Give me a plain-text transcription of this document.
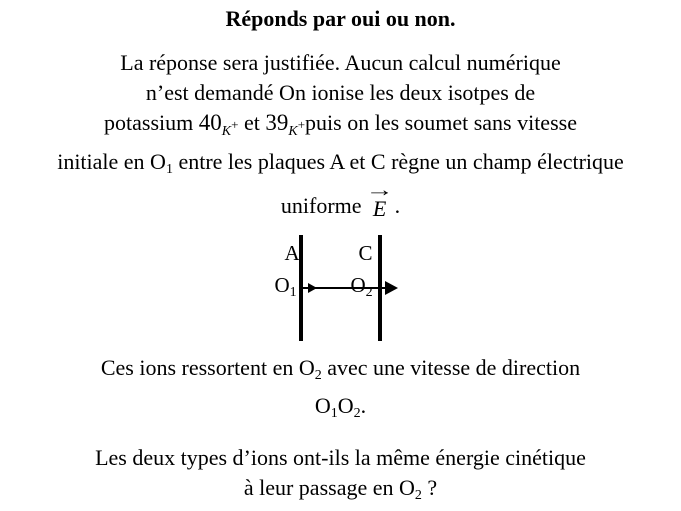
Réponds par oui ou non.
La réponse sera justifiée. Aucun calcul numérique
n’est demandé On ionise les deux isotpes de
potassium $40_K+$ et $39_K+puis$ on les soumet sans vitesse
initiale en O1 entre les plaques A et C règne un champ électrique
uniforme
→
E .
A	C
O1	O2
Ces ions ressortent en O2 avec une vitesse de direction
O1O2.
Les deux types d’ions ont-ils la même énergie cinétique
à leur passage en O2 ?
